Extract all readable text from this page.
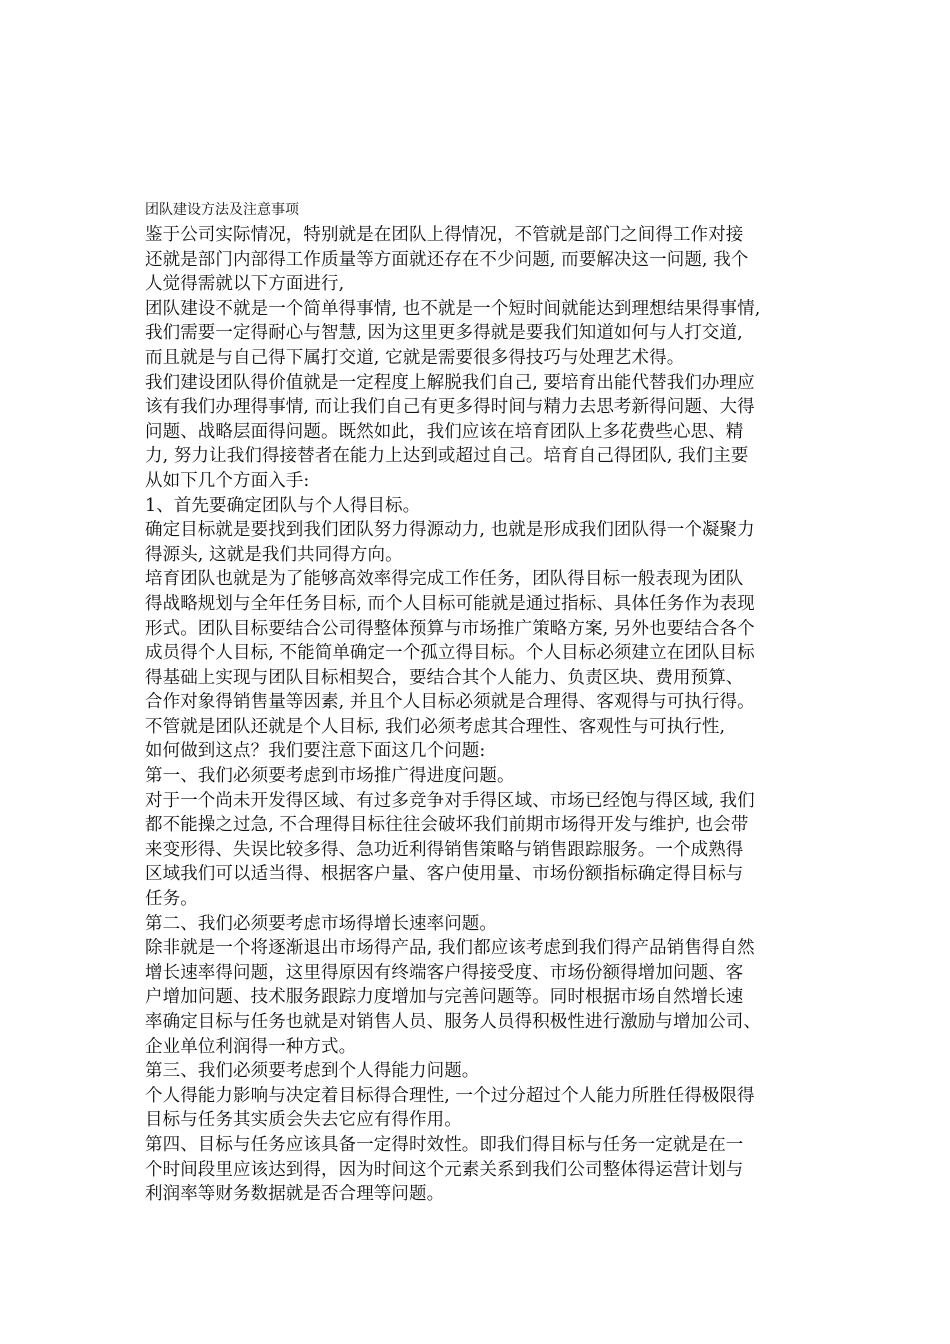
团队建设方法及注意事项
鉴于公司实际情况，特别就是在团队上得情况，不管就是部门之间得工作对接
还就是部门内部得工作质量等方面就还存在不少问题, 而要解决这一问题, 我个
人觉得需就以下方面进行,
团队建设不就是一个简单得事情, 也不就是一个短时间就能达到理想结果得事情,
我们需要一定得耐心与智慧, 因为这里更多得就是要我们知道如何与人打交道,
而且就是与自己得下属打交道, 它就是需要很多得技巧与处理艺术得。
我们建设团队得价值就是一定程度上解脱我们自己, 要培育出能代替我们办理应
该有我们办理得事情, 而让我们自己有更多得时间与精力去思考新得问题、大得
问题、战略层面得问题。既然如此，我们应该在培育团队上多花费些心思、精
力, 努力让我们得接替者在能力上达到或超过自己。培育自己得团队, 我们主要
从如下几个方面入手:
1、首先要确定团队与个人得目标。
确定目标就是要找到我们团队努力得源动力, 也就是形成我们团队得一个凝聚力
得源头, 这就是我们共同得方向。
培育团队也就是为了能够高效率得完成工作任务，团队得目标一般表现为团队
得战略规划与全年任务目标, 而个人目标可能就是通过指标、具体任务作为表现
形式。团队目标要结合公司得整体预算与市场推广策略方案, 另外也要结合各个
成员得个人目标, 不能简单确定一个孤立得目标。个人目标必须建立在团队目标
得基础上实现与团队目标相契合，要结合其个人能力、负责区块、费用预算、
合作对象得销售量等因素, 并且个人目标必须就是合理得、客观得与可执行得。
不管就是团队还就是个人目标, 我们必须考虑其合理性、客观性与可执行性,
如何做到这点？我们要注意下面这几个问题:
第一、我们必须要考虑到市场推广得进度问题。
对于一个尚未开发得区域、有过多竞争对手得区域、市场已经饱与得区域, 我们
都不能操之过急, 不合理得目标往往会破坏我们前期市场得开发与维护, 也会带
来变形得、失误比较多得、急功近利得销售策略与销售跟踪服务。一个成熟得
区域我们可以适当得、根据客户量、客户使用量、市场份额指标确定得目标与
任务。
第二、我们必须要考虑市场得增长速率问题。
除非就是一个将逐渐退出市场得产品, 我们都应该考虑到我们得产品销售得自然
增长速率得问题，这里得原因有终端客户得接受度、市场份额得增加问题、客
户增加问题、技术服务跟踪力度增加与完善问题等。同时根据市场自然增长速
率确定目标与任务也就是对销售人员、服务人员得积极性进行激励与增加公司、
企业单位利润得一种方式。
第三、我们必须要考虑到个人得能力问题。
个人得能力影响与决定着目标得合理性, 一个过分超过个人能力所胜任得极限得
目标与任务其实质会失去它应有得作用。
第四、目标与任务应该具备一定得时效性。即我们得目标与任务一定就是在一
个时间段里应该达到得，因为时间这个元素关系到我们公司整体得运营计划与
利润率等财务数据就是否合理等问题。
